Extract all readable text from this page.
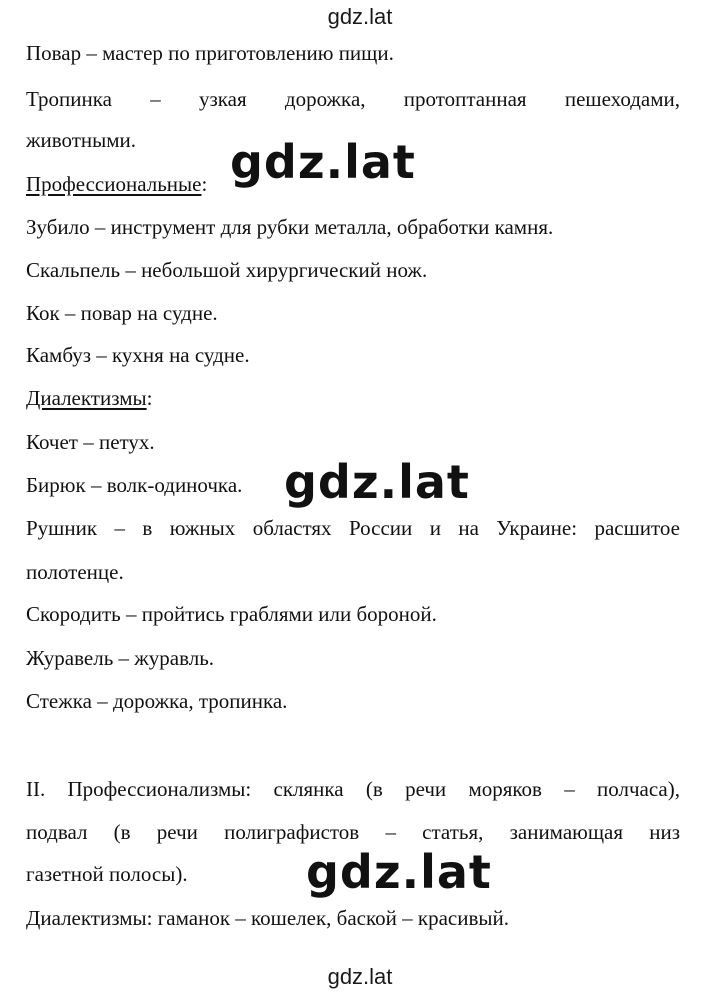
gdz.lat
Повар – мастер по приготовлению пищи.
Тропинка – узкая дорожка, протоптанная пешеходами,
животными.
Профессиональные:
Зубило – инструмент для рубки металла, обработки камня.
Скальпель – небольшой хирургический нож.
Кок – повар на судне.
Камбуз – кухня на судне.
Диалектизмы:
Кочет – петух.
Бирюк – волк-одиночка.
Рушник – в южных областях России и на Украине: расшитое
полотенце.
Скородить – пройтись граблями или бороной.
Журавель – журавль.
Стежка – дорожка, тропинка.
II. Профессионализмы: склянка (в речи моряков – полчаса),
подвал (в речи полиграфистов – статья, занимающая низ
газетной полосы).
Диалектизмы: гаманок – кошелек, баской – красивый.
gdz.lat
gdz.lat
gdz.lat
gdz.lat
